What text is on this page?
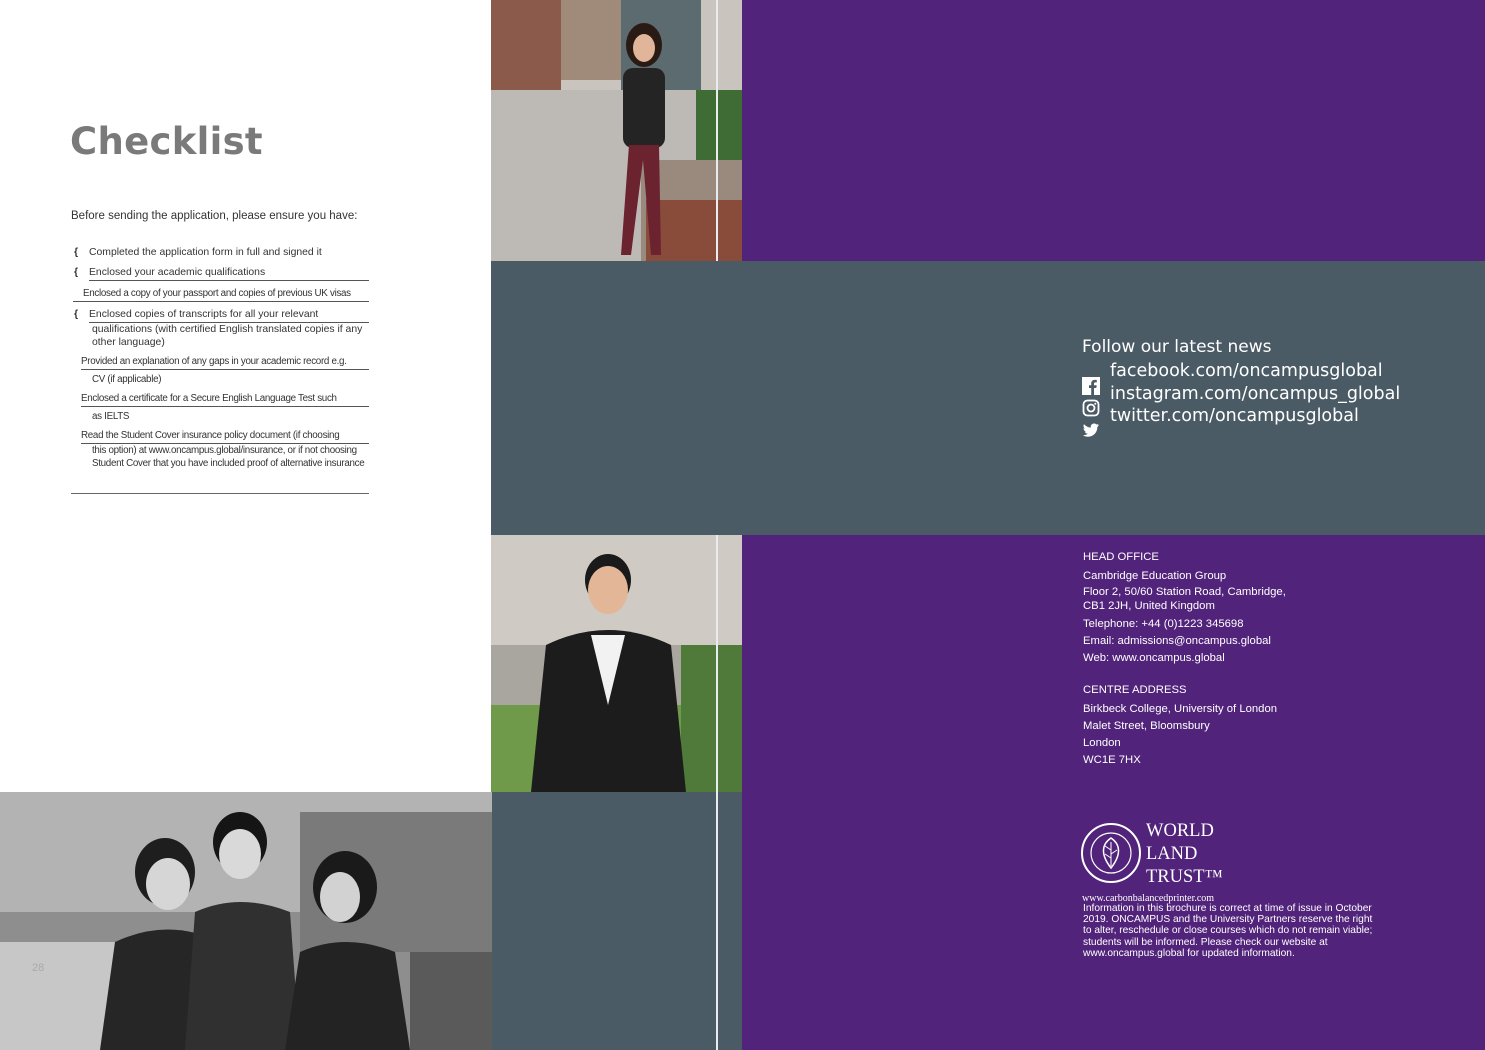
Checklist
Before sending the application, please ensure you have:
{ Completed the application form in full and signed it
{ Enclosed your academic qualifications
Enclosed a copy of your passport and copies of previous UK visas
{ Enclosed copies of transcripts for all your relevant
qualifications (with certified English translated copies if any other language)
Provided an explanation of any gaps in your academic record e.g.
CV (if applicable)
Enclosed a certificate for a Secure English Language Test such
as IELTS
Read the Student Cover insurance policy document (if choosing
this option) at www.oncampus.global/insurance, or if not choosing Student Cover that you have included proof of alternative insurance
28
Follow our latest news
facebook.com/oncampusglobal
instagram.com/oncampus_global
twitter.com/oncampusglobal
HEAD OFFICE
Cambridge Education Group
Floor 2, 50/60 Station Road, Cambridge,
CB1 2JH, United Kingdom
Telephone: +44 (0)1223 345698
Email: admissions@oncampus.global
Web: www.oncampus.global
CENTRE ADDRESS
Birkbeck College, University of London
Malet Street, Bloomsbury
London
WC1E 7HX
WORLD
LAND
TRUST™
www.carbonbalancedprinter.com
Information in this brochure is correct at time of issue in October 2019. ONCAMPUS and the University Partners reserve the right to alter, reschedule or close courses which do not remain viable; students will be informed. Please check our website at www.oncampus.global for updated information.
